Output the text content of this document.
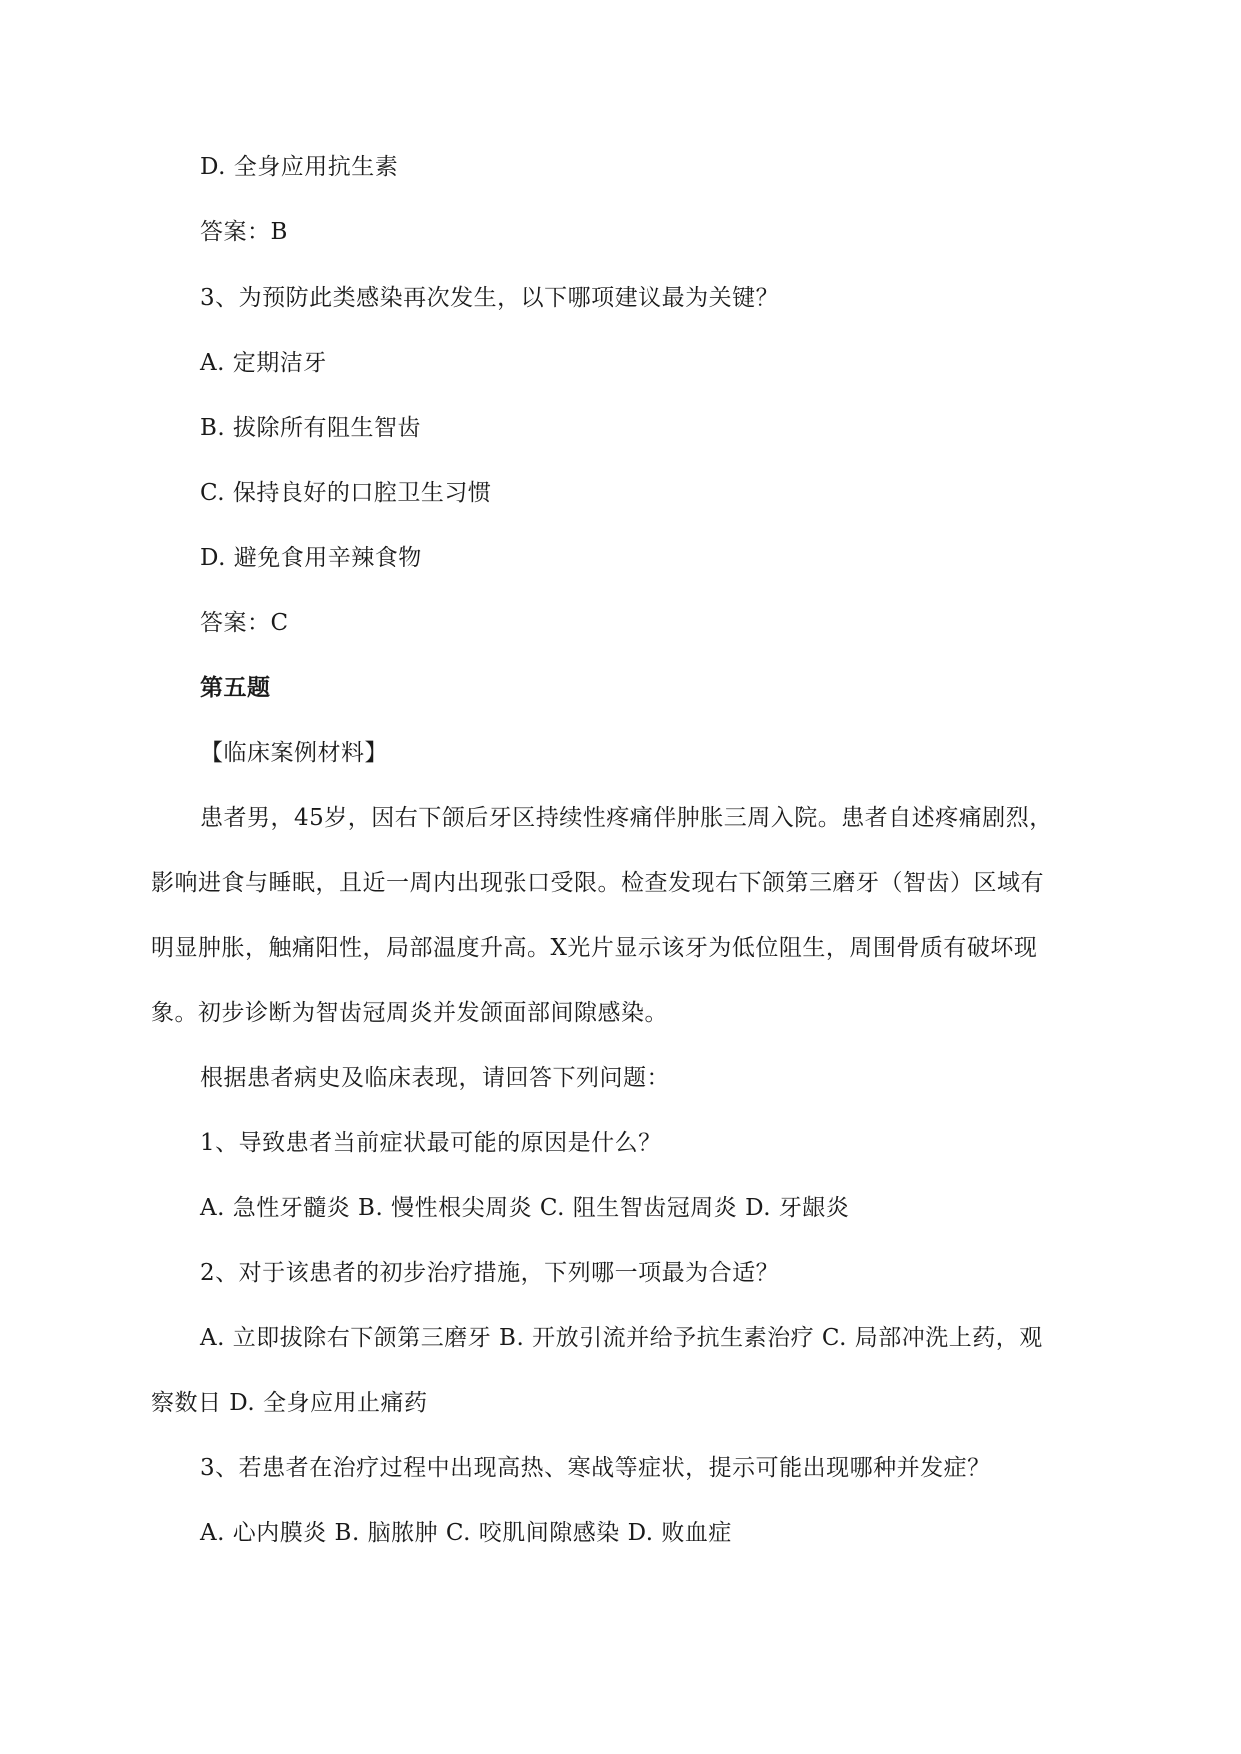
D. 全身应用抗生素
答案：B
3、为预防此类感染再次发生，以下哪项建议最为关键？
A. 定期洁牙
B. 拔除所有阻生智齿
C. 保持良好的口腔卫生习惯
D. 避免食用辛辣食物
答案：C
第五题
【临床案例材料】
患者男，45岁，因右下颌后牙区持续性疼痛伴肿胀三周入院。患者自述疼痛剧烈，
影响进食与睡眠，且近一周内出现张口受限。检查发现右下颌第三磨牙（智齿）区域有
明显肿胀，触痛阳性，局部温度升高。X光片显示该牙为低位阻生，周围骨质有破坏现
象。初步诊断为智齿冠周炎并发颌面部间隙感染。
根据患者病史及临床表现，请回答下列问题：
1、导致患者当前症状最可能的原因是什么？
A. 急性牙髓炎 B. 慢性根尖周炎 C. 阻生智齿冠周炎 D. 牙龈炎
2、对于该患者的初步治疗措施，下列哪一项最为合适？
A. 立即拔除右下颌第三磨牙 B. 开放引流并给予抗生素治疗 C. 局部冲洗上药，观
察数日 D. 全身应用止痛药
3、若患者在治疗过程中出现高热、寒战等症状，提示可能出现哪种并发症？
A. 心内膜炎 B. 脑脓肿 C. 咬肌间隙感染 D. 败血症
